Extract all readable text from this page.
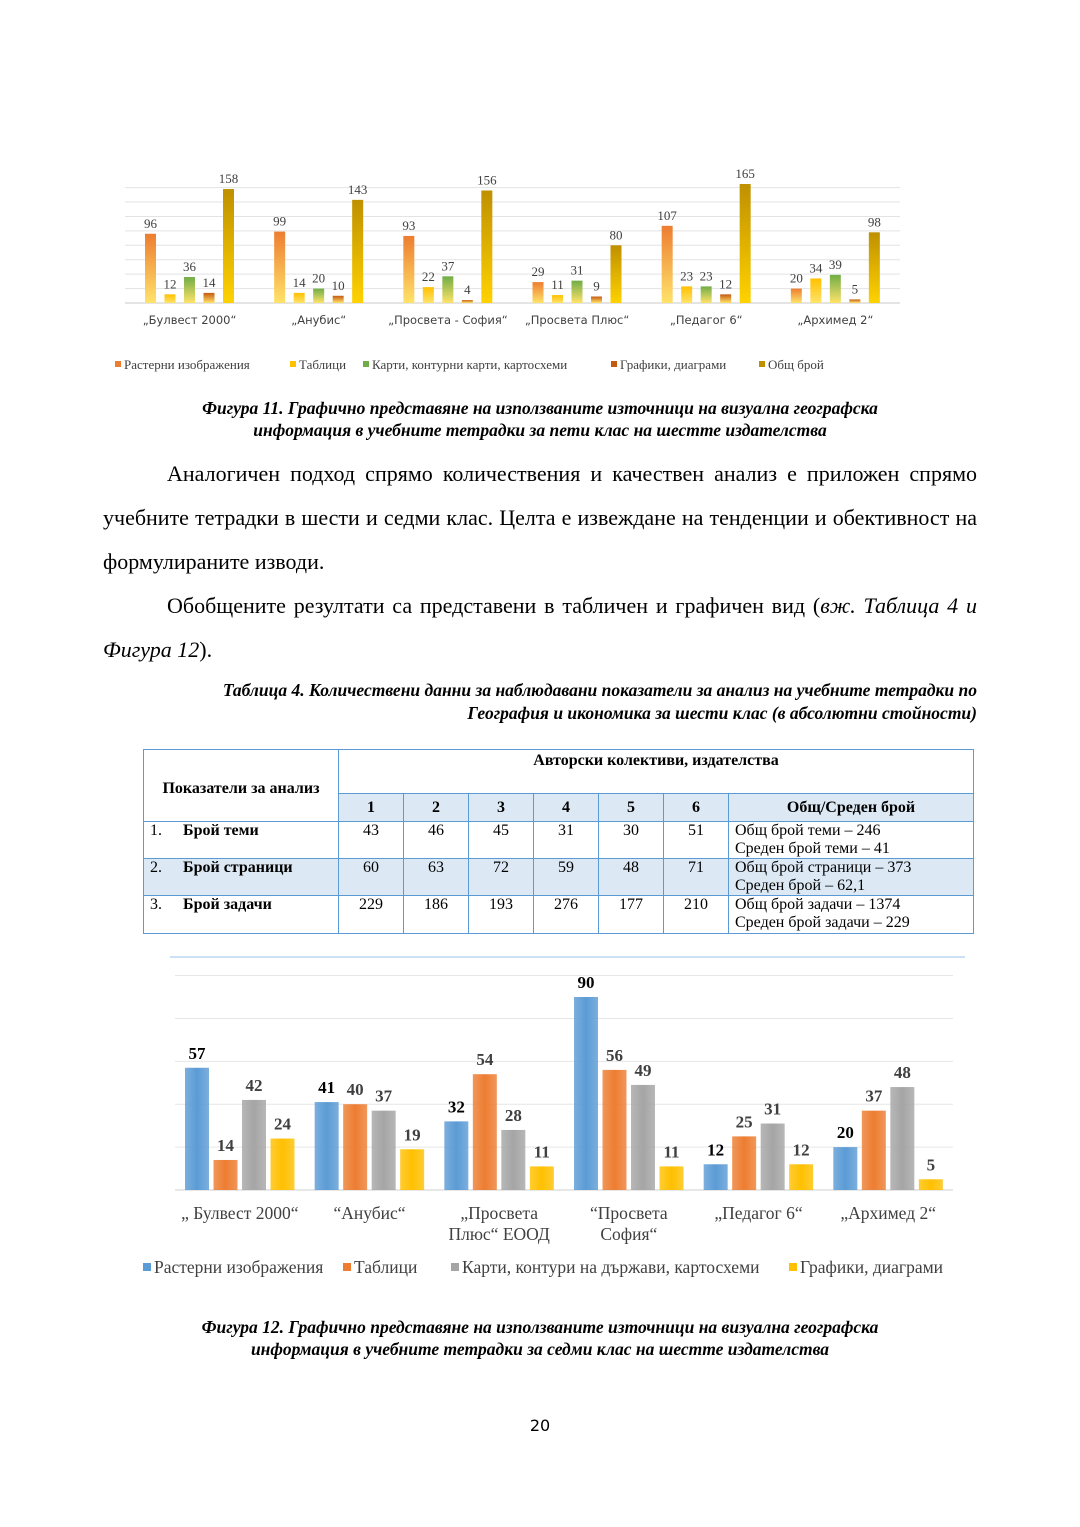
96
12
36
14
158
„Булвест 2000“
99
14 20 10
143
„Анубис“
93
22
37
4
156
„Просвета - София“
29
11
31
9
80
„Просвета Плюс“
107
23 23
12
165
„Педагог 6“
20
34 39
5
98
„Архимед 2“
Растерни изображения	Таблици Карти, контурни карти, картосхеми	Графики, диаграми	Общ брой
Фигура 11. Графично представяне на използваните източници на визуална географска
информация в учебните тетрадки за пети клас на шестте издателства
Аналогичен подход спрямо количествения и качествен анализ е приложен спрямо учебните тетрадки в шести и седми клас. Целта е извеждане на тенденции и обективност на формулираните изводи.
Обобщените резултати са представени в табличен и графичен вид (вж. Таблица 4 и Фигура 12).
Таблица 4. Количествени данни за наблюдавани показатели за анализ на учебните тетрадки по
География и икономика за шести клас (в абсолютни стойности)
Показатели за анализ	Авторски колективи, издателства						
	1	2	3	4	5	6	Общ/Среден брой
1. Брой теми	43	46	45	31	30	51	Общ брой теми – 246
Среден брой теми – 41

2. Брой страници	60	63	72	59	48	71	Общ брой страници – 373
Среден брой – 62,1

3. Брой задачи	229	186	193	276	177	210	Общ брой задачи – 1374
Среден брой задачи – 229
57
14
42
24
„ Булвест 2000“
41 40 37
19
“Анубис“
32
54
28
11
„Просвета Плюс“ ЕООД
90
56
49
11
“Просвета София“
12
25
31
12
„Педагог 6“
20
37
48
5
„Архимед 2“
Растерни изображения Таблици	Карти, контури на държави, картосхеми Графики, диаграми
Фигура 12. Графично представяне на използваните източници на визуална географска
информация в учебните тетрадки за седми клас на шестте издателства
20
